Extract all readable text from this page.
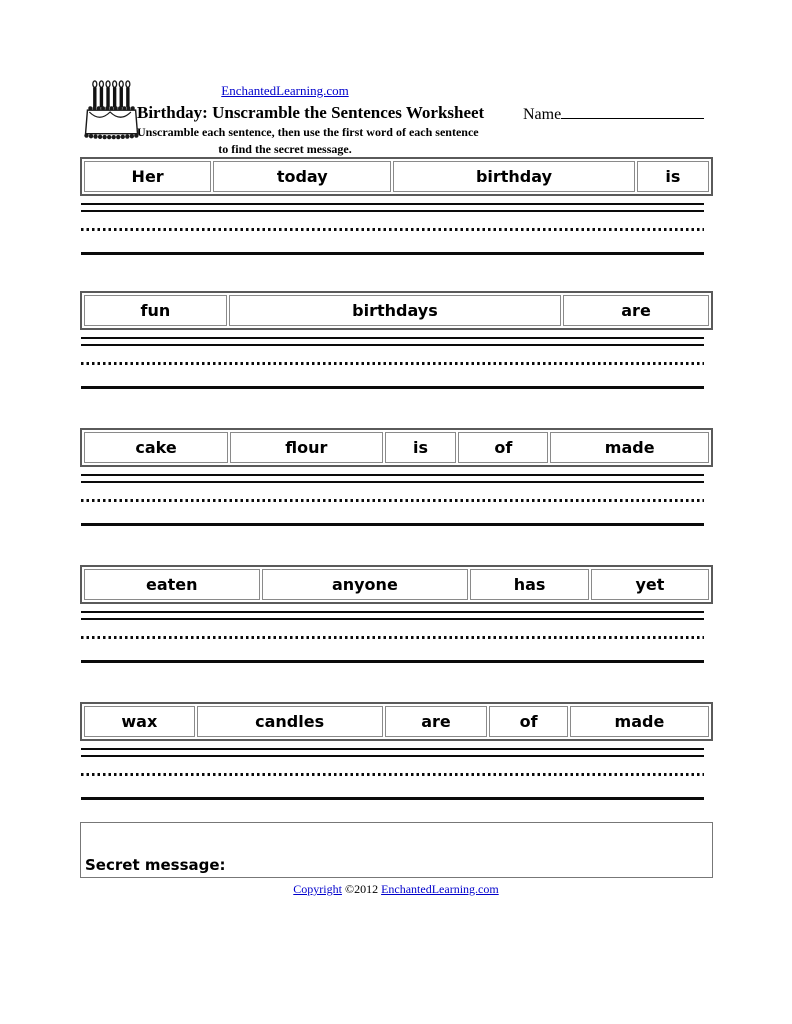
EnchantedLearning.com
Birthday: Unscramble the Sentences Worksheet
Unscramble each sentence, then use the first word of each sentence
to find the secret message.
Name
Her	today	birthday	is
fun	birthdays	are
cake	flour	is	of	made
eaten	anyone	has	yet
wax	candles	are	of	made
Secret message:
Copyright ©2012 EnchantedLearning.com
